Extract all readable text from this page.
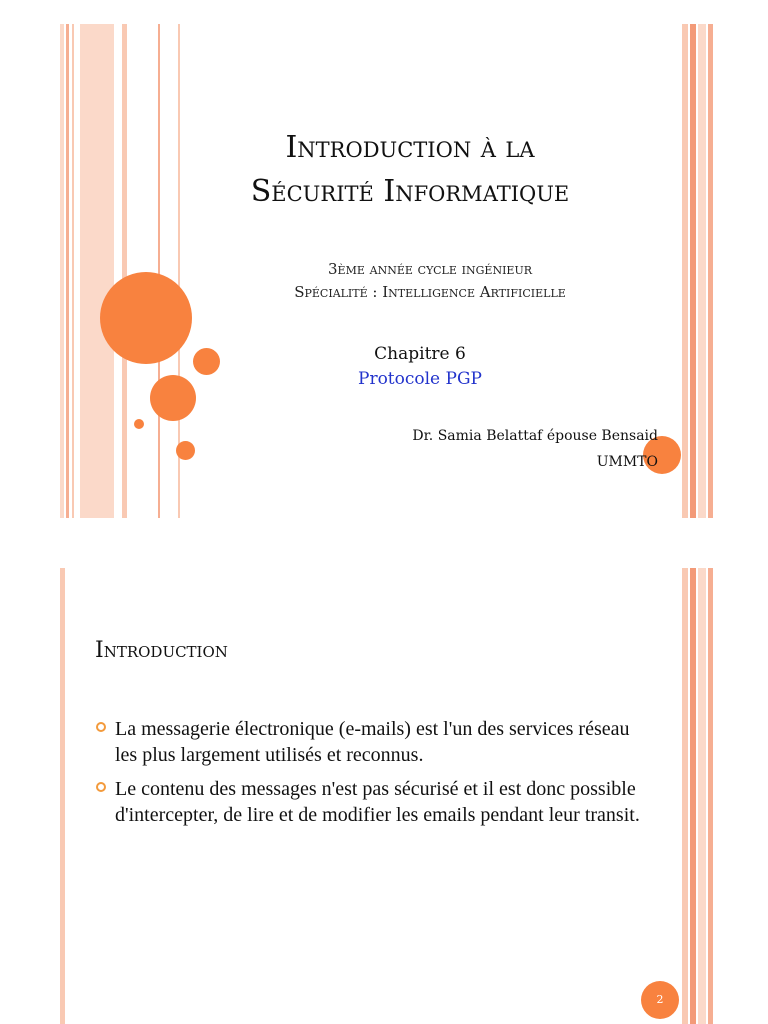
Introduction à la
Sécurité Informatique
3ème année cycle ingénieur
Spécialité : Intelligence Artificielle
Chapitre 6
Protocole PGP
Dr. Samia Belattaf épouse Bensaid
UMMTO
Introduction
La messagerie électronique (e-mails) est l'un des services réseau les plus largement utilisés et reconnus.
Le contenu des messages n'est pas sécurisé et il est donc possible d'intercepter, de lire et de modifier les emails pendant leur transit.
2
